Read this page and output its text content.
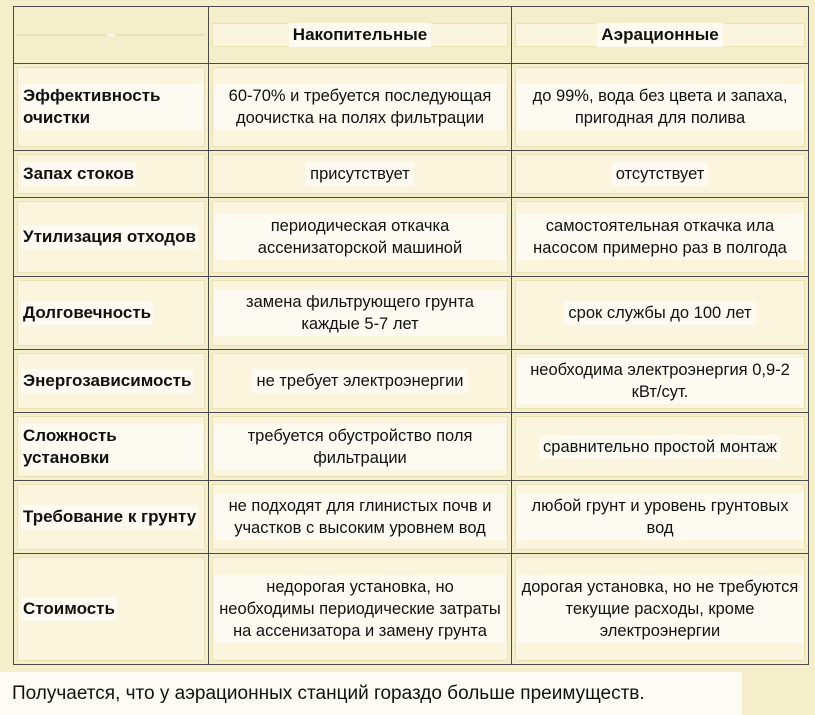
	Накопительные	Аэрационные

Эффективность очистки	60-70% и требуется последующая доочистка на полях фильтрации	до 99%, вода без цвета и запаха, пригодная для полива

Запах стоков	присутствует	отсутствует

Утилизация отходов	периодическая откачка ассенизаторской машиной	самостоятельная откачка ила насосом примерно раз в полгода

Долговечность	замена фильтрующего грунта каждые 5-7 лет	срок службы до 100 лет

Энергозависимость	не требует электроэнергии	необходима электроэнергия 0,9-2 кВт/сут.

Сложность установки	требуется обустройство поля фильтрации	сравнительно простой монтаж

Требование к грунту	не подходят для глинистых почв и участков с высоким уровнем вод	любой грунт и уровень грунтовых вод

Стоимость	недорогая установка, но необходимы периодические затраты на ассенизатора и замену грунта	дорогая установка, но не требуются текущие расходы, кроме электроэнергии
Получается, что у аэрационных станций гораздо больше преимуществ.
